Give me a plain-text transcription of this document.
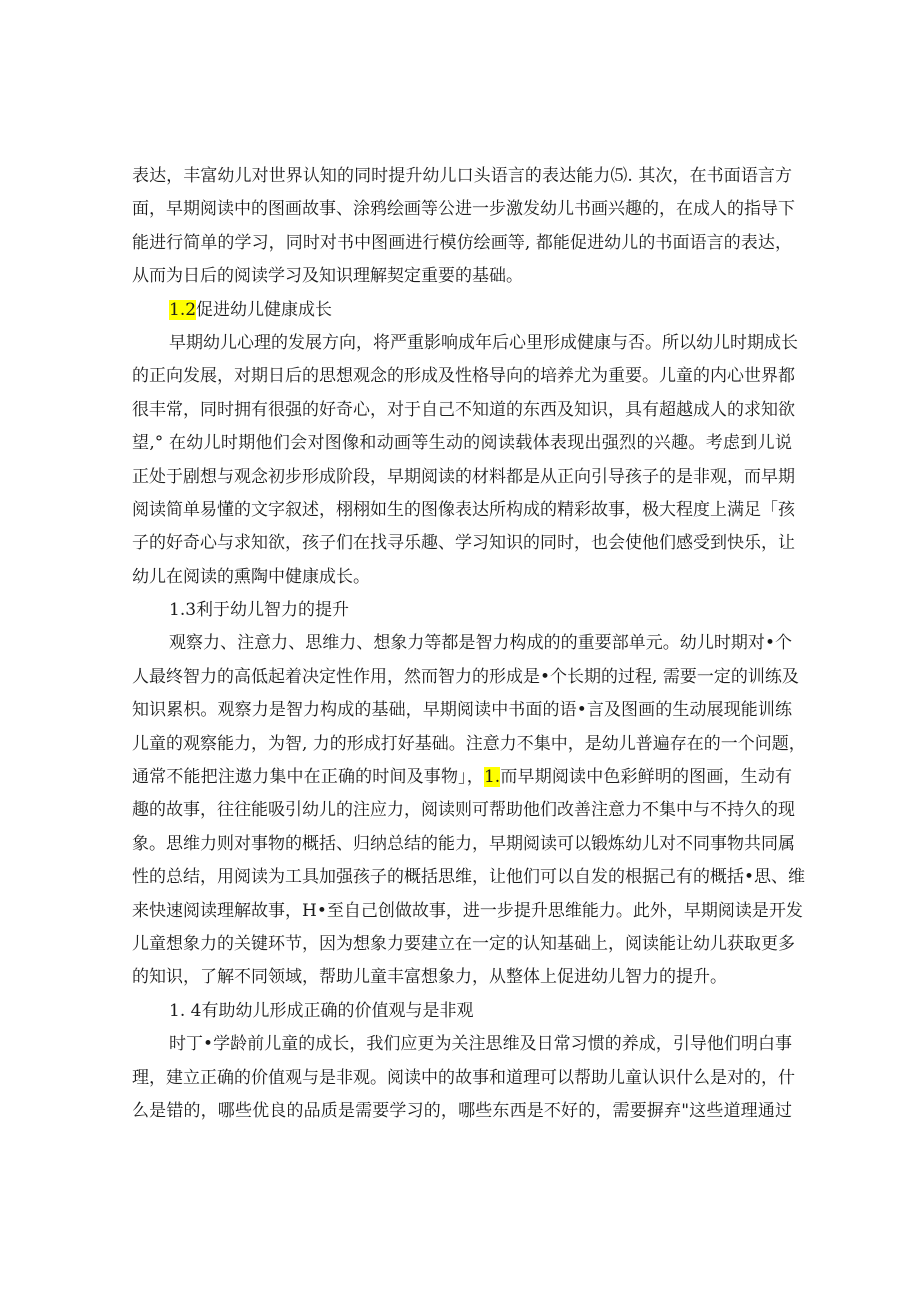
表达，丰富幼儿对世界认知的同时提升幼儿口头语言的表达能力⑸. 其次，在书面语言方
面，早期阅读中的图画故事、涂鸦绘画等公进一步激发幼儿书画兴趣的，在成人的指导下
能进行简单的学习，同时对书中图画进行模仿绘画等, 都能促进幼儿的书面语言的表达，
从而为日后的阅读学习及知识理解契定重要的基础。
1.2促进幼儿健康成长
早期幼儿心理的发展方向，将严重影响成年后心里形成健康与否。所以幼儿时期成长
的正向发展，对期日后的思想观念的形成及性格导向的培养尤为重要。儿童的内心世界都
很丰常，同时拥有很强的好奇心，对于自己不知道的东西及知识，具有超越成人的求知欲
望,° 在幼儿时期他们会对图像和动画等生动的阅读载体表现出强烈的兴趣。考虑到儿说
正处于剧想与观念初步形成阶段，早期阅读的材料都是从正向引导孩子的是非观，而早期
阅读简单易懂的文字叙述，栩栩如生的图像表达所构成的精彩故事，极大程度上满足「孩
子的好奇心与求知欲，孩子们在找寻乐趣、学习知识的同时，也会使他们感受到快乐，让
幼儿在阅读的熏陶中健康成长。
1.3利于幼儿智力的提升
观察力、注意力、思维力、想象力等都是智力构成的的重要部单元。幼儿时期对•个
人最终智力的高低起着决定性作用，然而智力的形成是•个长期的过程, 需要一定的训练及
知识累枳。观察力是智力构成的基础，早期阅读中书面的语•言及图画的生动展现能训练
儿童的观察能力，为智, 力的形成打好基础。注意力不集中，是幼儿普遍存在的一个问题，
通常不能把注遨力集中在正确的时间及事物」，1.而早期阅读中色彩鲜明的图画，生动有
趣的故事，往往能吸引幼儿的注应力，阅读则可帮助他们改善注意力不集中与不持久的现
象。思维力则对事物的概括、归纳总结的能力，早期阅读可以锻炼幼儿对不同事物共同属
性的总结，用阅读为工具加强孩子的概括思维，让他们可以自发的根据己有的概括•思、维
来快速阅读理解故事，H•至自己创做故事，进一步提升思维能力。此外，早期阅读是开发
儿童想象力的关键环节，因为想象力要建立在一定的认知基础上，阅读能让幼儿获取更多
的知识，了解不同领域，帮助儿童丰富想象力，从整体上促进幼儿智力的提升。
1. 4有助幼儿形成正确的价值观与是非观
时丁•学龄前儿童的成长，我们应更为关注思维及日常习惯的养成，引导他们明白事
理，建立正确的价值观与是非观。阅读中的故事和道理可以帮助儿童认识什么是对的，什
么是错的，哪些优良的品质是需要学习的，哪些东西是不好的，需要摒弃"这些道理通过
